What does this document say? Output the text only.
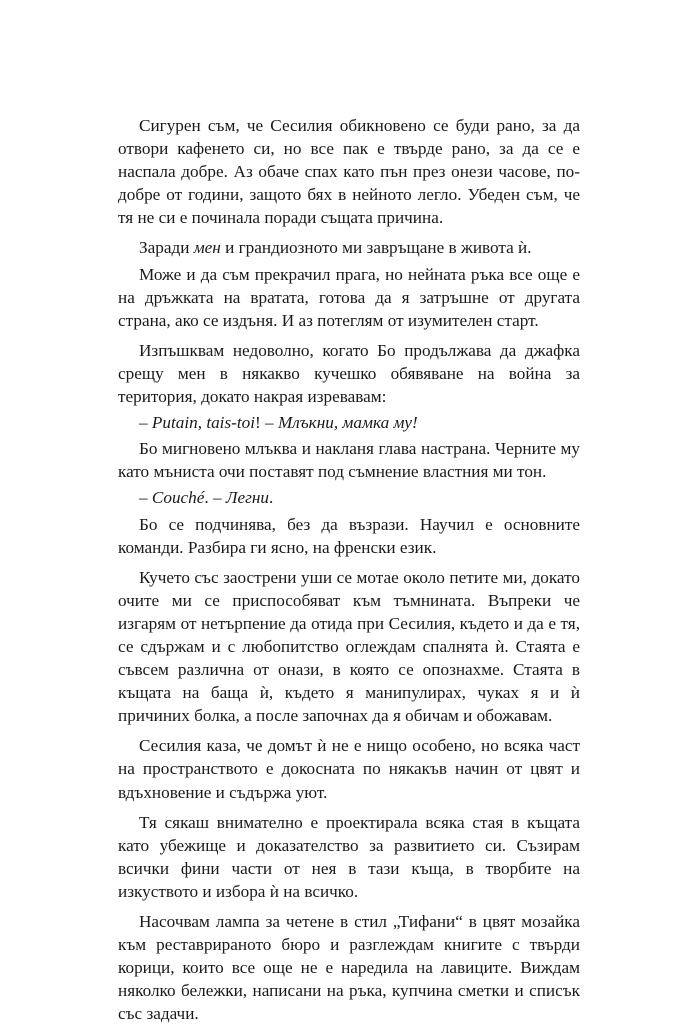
Сигурен съм, че Сесилия обикновено се буди рано, за да отвори кафенето си, но все пак е твърде рано, за да се е наспала добре. Аз обаче спах като пън през онези часове, по-добре от години, защото бях в нейното легло. Убеден съм, че тя не си е починала поради същата причина.

Заради мен и грандиозното ми завръщане в живота ѝ.

Може и да съм прекрачил прага, но нейната ръка все още е на дръжката на вратата, готова да я затръшне от другата страна, ако се издъня. И аз потеглям от изумителен старт.

Изпъшквам недоволно, когато Бо продължава да джафка срещу мен в някакво кучешко обявяване на война за територия, докато накрая изревавам:

– Putain, tais-toi! – Млъкни, мамка му!

Бо мигновено млъква и накланя глава настрана. Черните му като мъниста очи поставят под съмнение властния ми тон.

– Couché. – Легни.

Бо се подчинява, без да възрази. Научил е основните команди. Разбира ги ясно, на френски език.

Кучето със заострени уши се мотае около петите ми, докато очите ми се приспособяват към тъмнината. Въпреки че изгарям от нетърпение да отида при Сесилия, където и да е тя, се сдържам и с любопитство оглеждам спалнята ѝ. Стаята е съвсем различна от онази, в която се опознахме. Стаята в къщата на баща ѝ, където я манипулирах, чуках я и ѝ причиних болка, а после започнах да я обичам и обожавам.

Сесилия каза, че домът ѝ не е нищо особено, но всяка част на пространството е докосната по някакъв начин от цвят и вдъхновение и съдържа уют.

Тя сякаш внимателно е проектирала всяка стая в къщата като убежище и доказателство за развитието си. Съзирам всички фини части от нея в тази къща, в творбите на изкуството и избора ѝ на всичко.

Насочвам лампа за четене в стил „Тифани“ в цвят мозайка към реставрираното бюро и разглеждам книгите с твърди корици, които все още не е наредила на лавиците. Виждам няколко бележки, написани на ръка, купчина сметки и списък със задачи.
